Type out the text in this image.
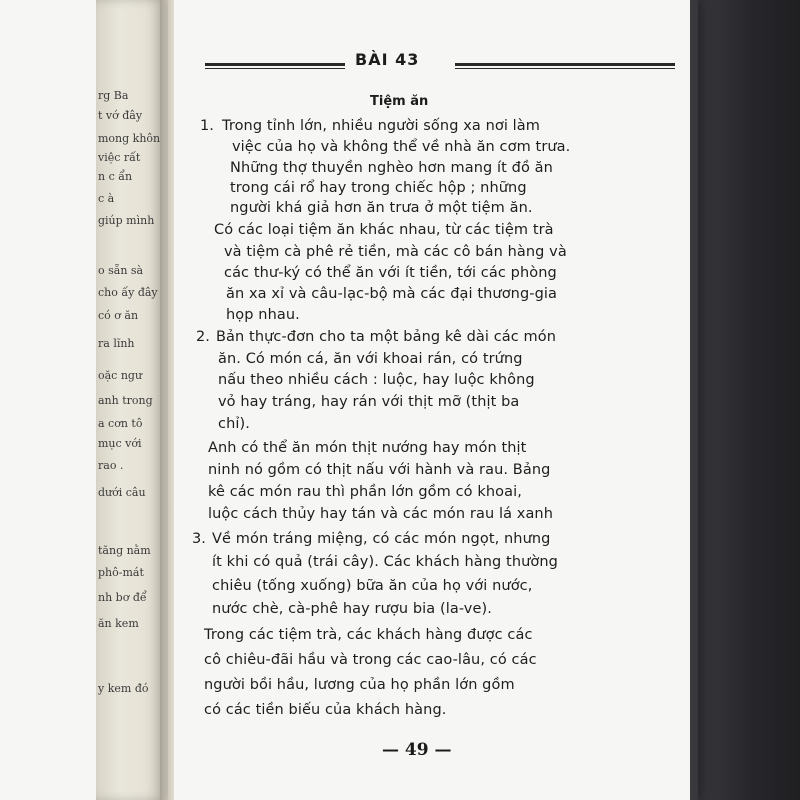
rg Ba
t vớ đây
mong khôn
việc rất
n c ẩn
c à
giúp mình
o sẵn sà
cho ấy đây
có ơ ăn
ra lĩnh
oặc ngư
anh trong
a cơn tô
mục với
rao .
dưới câu
tăng nằm
phô-mát
nh bơ để
ăn kem
y kem đó
BÀI 43
Tiệm ăn
1. Trong tỉnh lớn, nhiều người sống xa nơi làm
việc của họ và không thể về nhà ăn cơm trưa.
Những thợ thuyền nghèo hơn mang ít đồ ăn
trong cái rổ hay trong chiếc hộp ; những
người khá giả hơn ăn trưa ở một tiệm ăn.
Có các loại tiệm ăn khác nhau, từ các tiệm trà
và tiệm cà phê rẻ tiền, mà các cô bán hàng và
các thư-ký có thể ăn với ít tiền, tới các phòng
ăn xa xỉ và câu-lạc-bộ mà các đại thương-gia
họp nhau.
2. Bản thực-đơn cho ta một bảng kê dài các món
ăn. Có món cá, ăn với khoai rán, có trứng
nấu theo nhiều cách : luộc, hay luộc không
vỏ hay tráng, hay rán với thịt mỡ (thịt ba
chỉ).
Anh có thể ăn món thịt nướng hay món thịt
ninh nó gồm có thịt nấu với hành và rau. Bảng
kê các món rau thì phần lớn gồm có khoai,
luộc cách thủy hay tán và các món rau lá xanh
3. Về món tráng miệng, có các món ngọt, nhưng
ít khi có quả (trái cây). Các khách hàng thường
chiêu (tống xuống) bữa ăn của họ với nước,
nước chè, cà-phê hay rượu bia (la-ve).
Trong các tiệm trà, các khách hàng được các
cô chiêu-đãi hầu và trong các cao-lâu, có các
người bồi hầu, lương của họ phần lớn gồm
có các tiền biếu của khách hàng.
— 49 —
